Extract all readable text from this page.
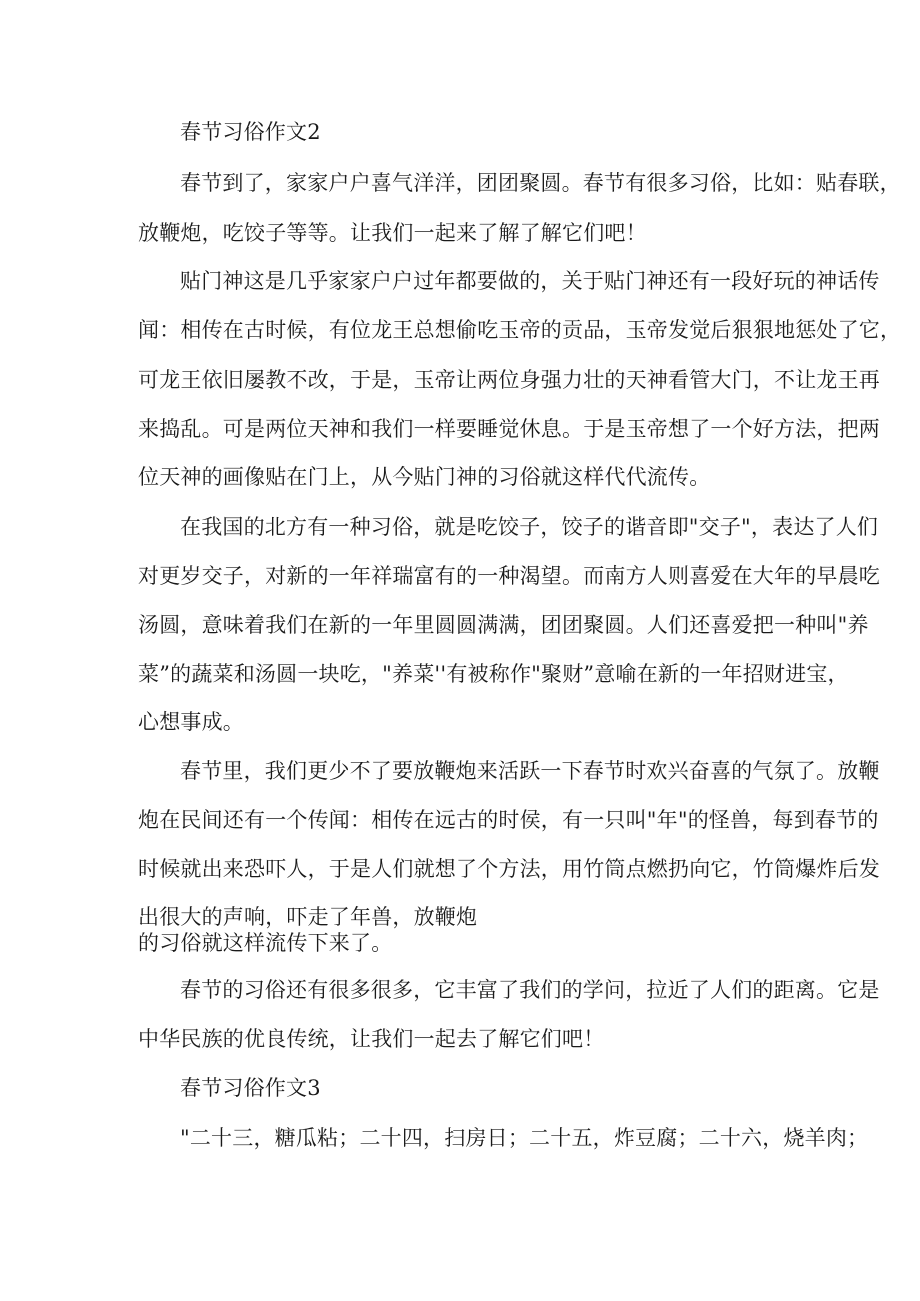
春节习俗作文2
春节到了，家家户户喜气洋洋，团团聚圆。春节有很多习俗，比如：贴春联，
放鞭炮，吃饺子等等。让我们一起来了解了解它们吧！
贴门神这是几乎家家户户过年都要做的，关于贴门神还有一段好玩的神话传
闻：相传在古时候，有位龙王总想偷吃玉帝的贡品，玉帝发觉后狠狠地惩处了它，
可龙王依旧屡教不改，于是，玉帝让两位身强力壮的天神看管大门，不让龙王再
来捣乱。可是两位天神和我们一样要睡觉休息。于是玉帝想了一个好方法，把两
位天神的画像贴在门上，从今贴门神的习俗就这样代代流传。
在我国的北方有一种习俗，就是吃饺子，饺子的谐音即"交子"，表达了人们
对更岁交子，对新的一年祥瑞富有的一种渴望。而南方人则喜爱在大年的早晨吃
汤圆，意味着我们在新的一年里圆圆满满，团团聚圆。人们还喜爱把一种叫"养
菜”的蔬菜和汤圆一块吃，"养菜''有被称作"聚财”意喻在新的一年招财进宝，
心想事成。
春节里，我们更少不了要放鞭炮来活跃一下春节时欢兴奋喜的气氛了。放鞭
炮在民间还有一个传闻：相传在远古的时侯，有一只叫"年"的怪兽，每到春节的
时候就出来恐吓人，于是人们就想了个方法，用竹筒点燃扔向它，竹筒爆炸后发
出很大的声响，吓走了年兽，放鞭炮
的习俗就这样流传下来了。
春节的习俗还有很多很多，它丰富了我们的学问，拉近了人们的距离。它是
中华民族的优良传统，让我们一起去了解它们吧！
春节习俗作文3
"二十三，糖瓜粘；二十四，扫房日；二十五，炸豆腐；二十六，烧羊肉；
